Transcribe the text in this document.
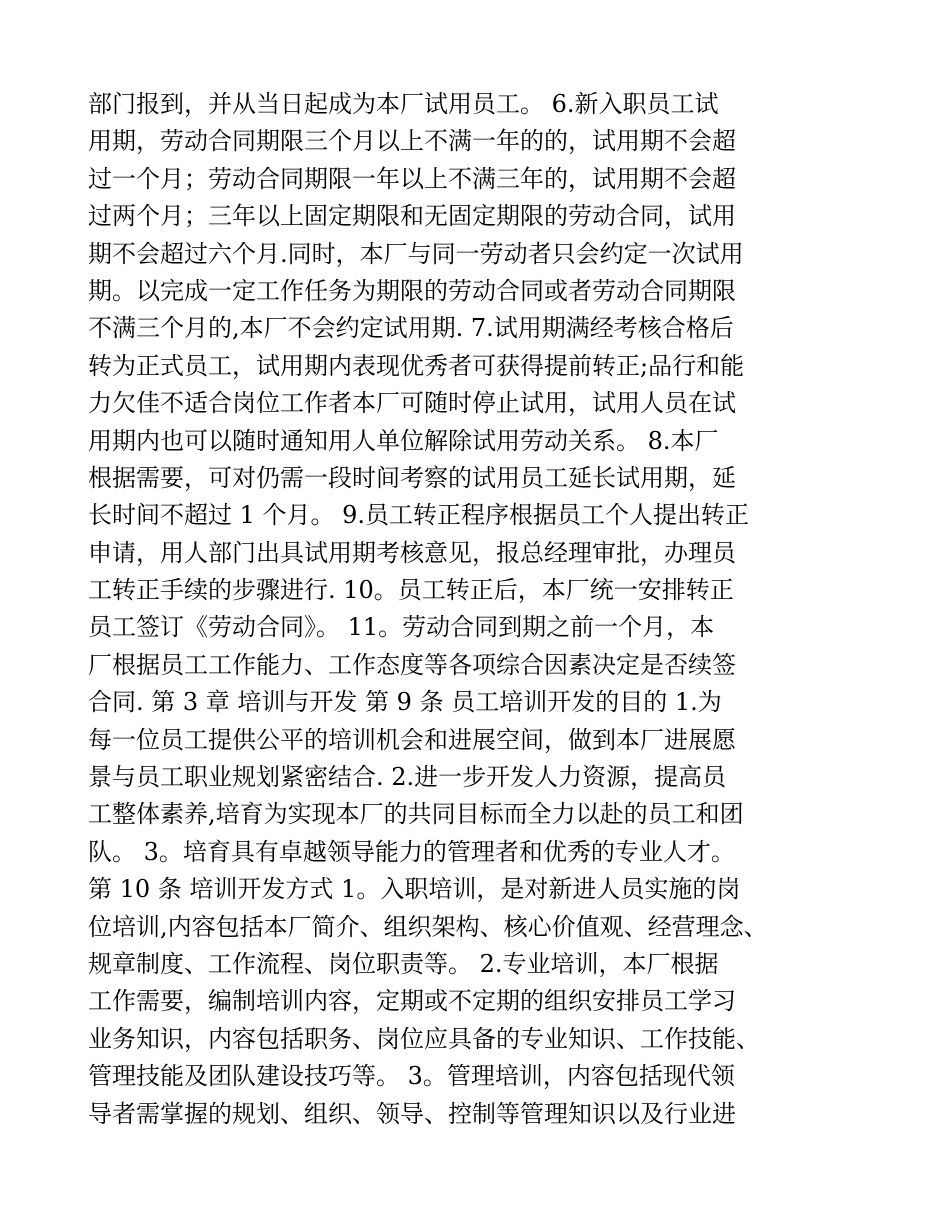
部门报到，并从当日起成为本厂试用员工。 6.新入职员工试
用期，劳动合同期限三个月以上不满一年的的，试用期不会超
过一个月；劳动合同期限一年以上不满三年的，试用期不会超
过两个月；三年以上固定期限和无固定期限的劳动合同，试用
期不会超过六个月.同时，本厂与同一劳动者只会约定一次试用
期。以完成一定工作任务为期限的劳动合同或者劳动合同期限
不满三个月的,本厂不会约定试用期. 7.试用期满经考核合格后
转为正式员工，试用期内表现优秀者可获得提前转正;品行和能
力欠佳不适合岗位工作者本厂可随时停止试用，试用人员在试
用期内也可以随时通知用人单位解除试用劳动关系。 8.本厂
根据需要，可对仍需一段时间考察的试用员工延长试用期，延
长时间不超过 1 个月。 9.员工转正程序根据员工个人提出转正
申请，用人部门出具试用期考核意见，报总经理审批，办理员
工转正手续的步骤进行. 10。员工转正后，本厂统一安排转正
员工签订《劳动合同》。 11。劳动合同到期之前一个月，本
厂根据员工工作能力、工作态度等各项综合因素决定是否续签
合同. 第 3 章 培训与开发 第 9 条 员工培训开发的目的 1.为
每一位员工提供公平的培训机会和进展空间，做到本厂进展愿
景与员工职业规划紧密结合. 2.进一步开发人力资源，提高员
工整体素养,培育为实现本厂的共同目标而全力以赴的员工和团
队。 3。培育具有卓越领导能力的管理者和优秀的专业人才。
第 10 条 培训开发方式 1。入职培训，是对新进人员实施的岗
位培训,内容包括本厂简介、组织架构、核心价值观、经营理念、
规章制度、工作流程、岗位职责等。 2.专业培训，本厂根据
工作需要，编制培训内容，定期或不定期的组织安排员工学习
业务知识，内容包括职务、岗位应具备的专业知识、工作技能、
管理技能及团队建设技巧等。 3。管理培训，内容包括现代领
导者需掌握的规划、组织、领导、控制等管理知识以及行业进
